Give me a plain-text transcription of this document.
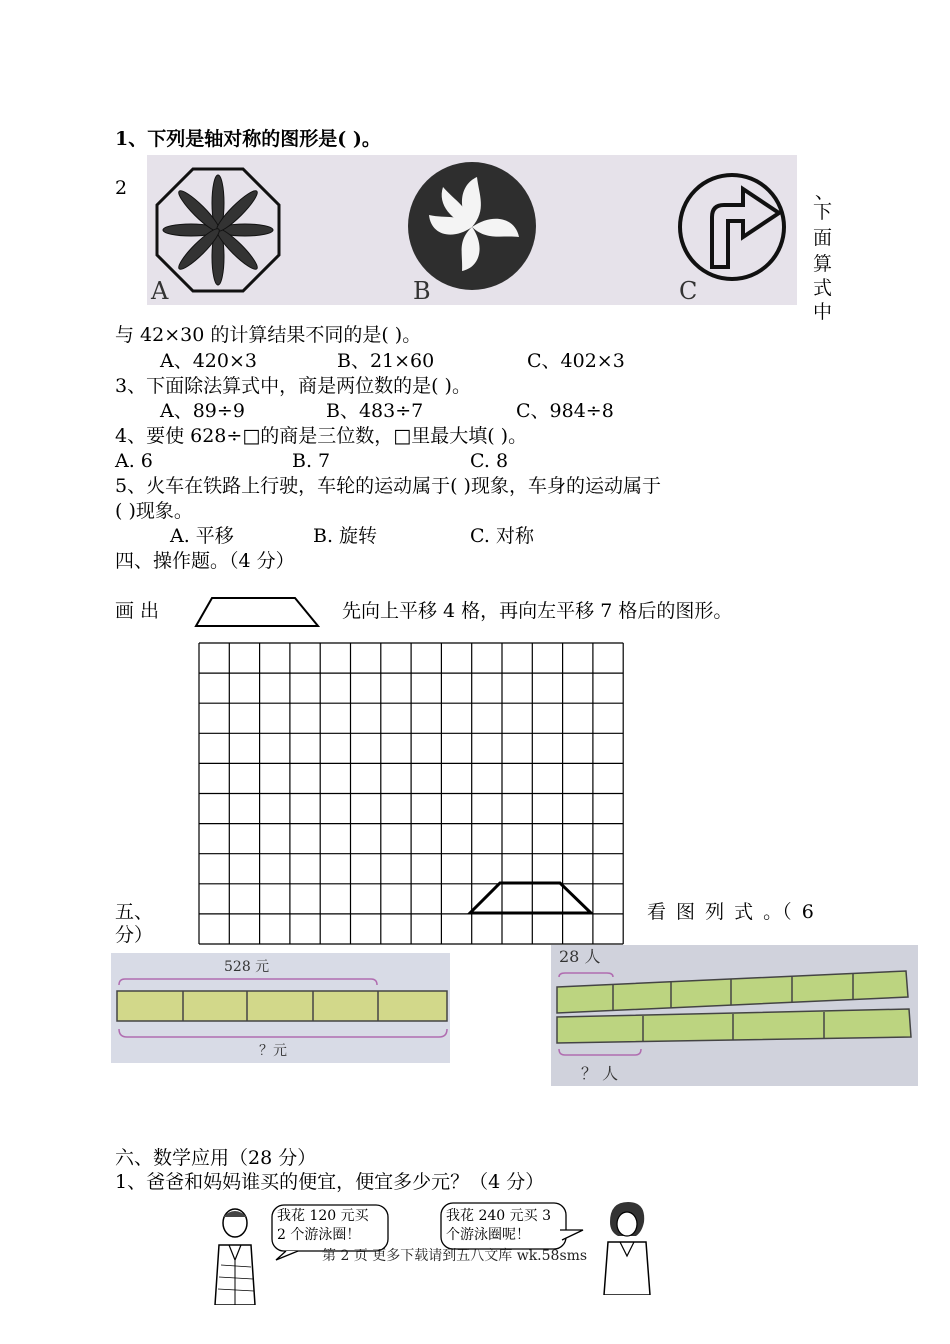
1、下列是轴对称的图形是( )。
2
A	B	C
、
下
面
算
式
中
与 42×30 的计算结果不同的是( )。
A、420×3	B、21×60	C、402×3
3、下面除法算式中，商是两位数的是( )。
A、89÷9	B、483÷7	C、984÷8
4、要使 628÷□的商是三位数，□里最大填( )。
A. 6	B. 7	C. 8
5、火车在铁路上行驶，车轮的运动属于( )现象，车身的运动属于
( )现象。
A. 平移	B. 旋转	C. 对称
四、操作题。（4 分）
画 出	先向上平移 4 格，再向左平移 7 格后的图形。
五、	看 图 列 式 。（ 6
分）
528 元
？元
28 人
？ 人
六、数学应用（28 分）
1、爸爸和妈妈谁买的便宜，便宜多少元？（4 分）
我花 120 元买
2 个游泳圈！
我花 240 元买 3
个游泳圈呢！
第 2 页 更多下载请到五八文库 wk.58sms
